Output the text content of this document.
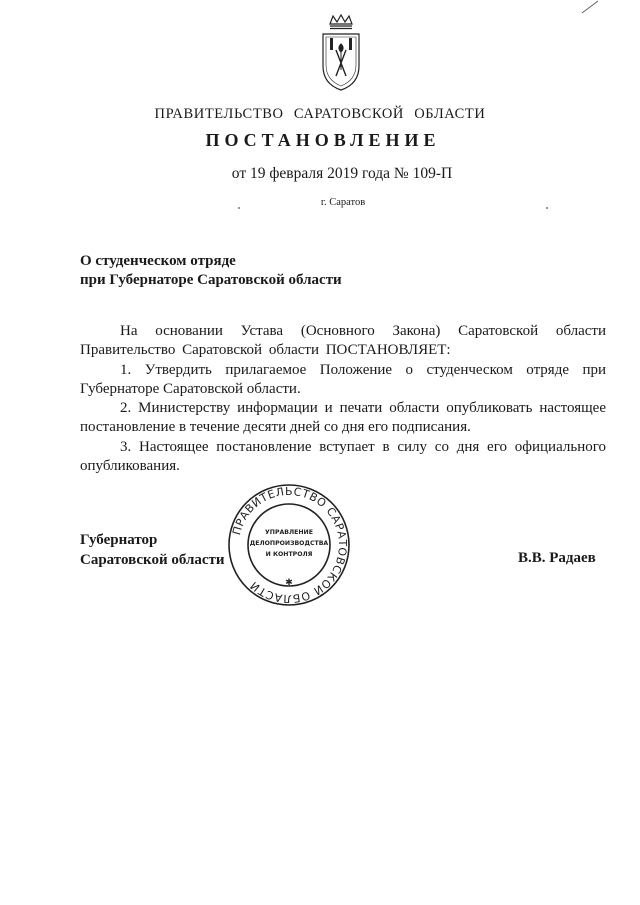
ПРАВИТЕЛЬСТВО САРАТОВСКОЙ ОБЛАСТИ
ПОСТАНОВЛЕНИЕ
от 19 февраля 2019 года № 109-П
г. Саратов
О студенческом отряде
при Губернаторе Саратовской области

На основании Устава (Основного Закона) Саратовской области Правительство Саратовской области ПОСТАНОВЛЯЕТ:

1. Утвердить прилагаемое Положение о студенческом отряде при Губернаторе Саратовской области.

2. Министерству информации и печати области опубликовать настоящее постановление в течение десяти дней со дня его подписания.

3. Настоящее постановление вступает в силу со дня его официального опубликования.

Губернатор
Саратовской области	В.В. Радаев
ПРАВИТЕЛЬСТВО САРАТОВСКОЙ ОБЛАСТИ
УПРАВЛЕНИЕ
ДЕЛОПРОИЗВОДСТВА
И КОНТРОЛЯ
✱
